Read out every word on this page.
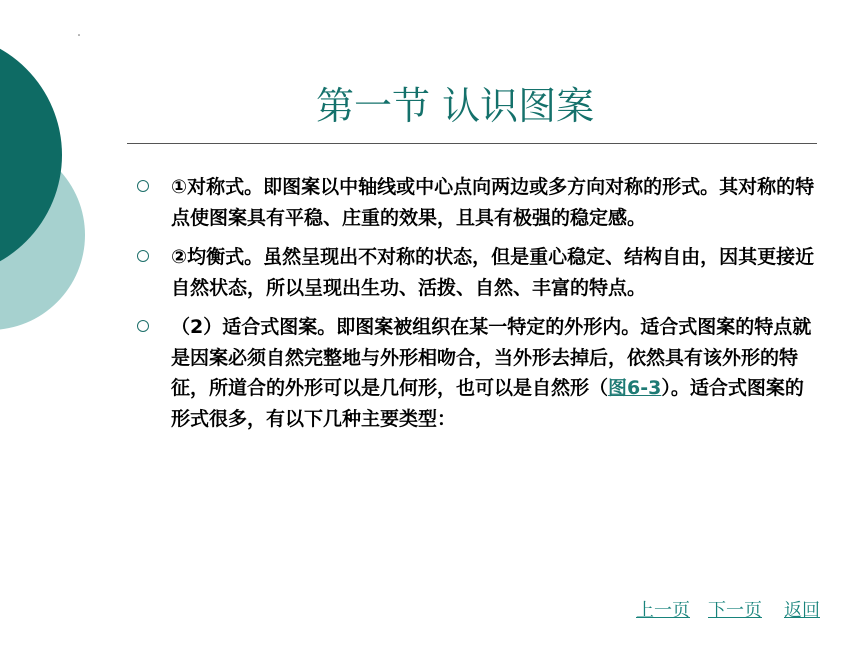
第一节 认识图案
①对称式。即图案以中轴线或中心点向两边或多方向对称的形式。其对称的特点使图案具有平稳、庄重的效果，且具有极强的稳定感。
②均衡式。虽然呈现出不对称的状态，但是重心稳定、结构自由，因其更接近自然状态，所以呈现出生功、活拨、自然、丰富的特点。
（2）适合式图案。即图案被组织在某一特定的外形内。适合式图案的特点就是因案必须自然完整地与外形相吻合，当外形去掉后，依然具有该外形的特征，所道合的外形可以是几何形，也可以是自然形（图6-3）。适合式图案的形式很多，有以下几种主要类型：
上一页 下一页 返回
